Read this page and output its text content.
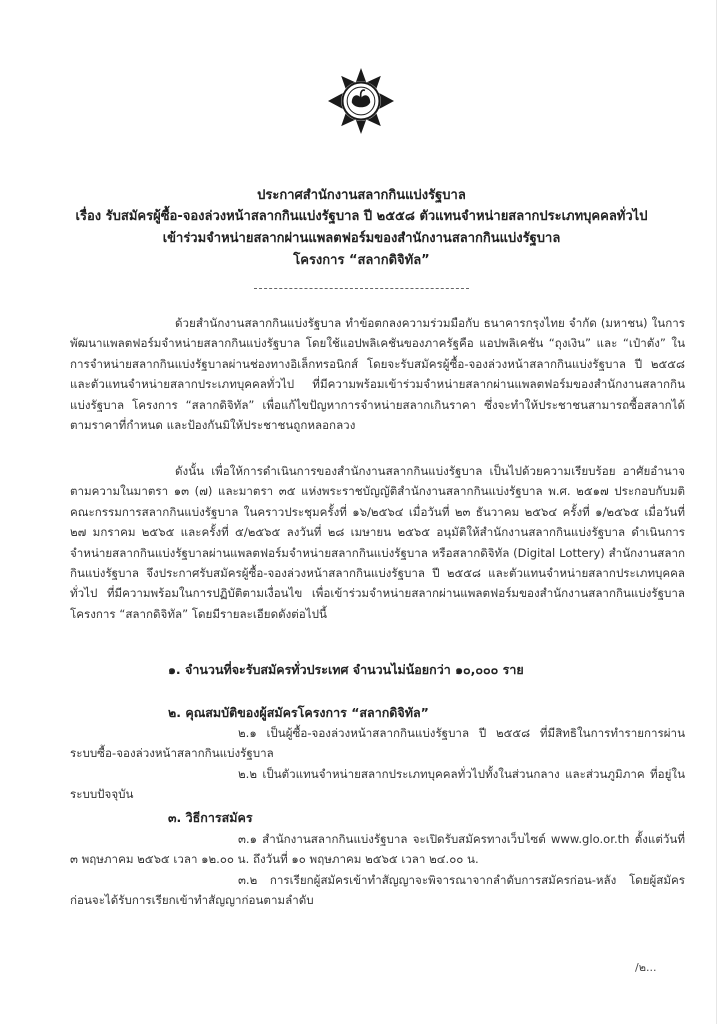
ประกาศสำนักงานสลากกินแบ่งรัฐบาล
เรื่อง รับสมัครผู้ซื้อ-จองล่วงหน้าสลากกินแบ่งรัฐบาล ปี ๒๕๕๘ ตัวแทนจำหน่ายสลากประเภทบุคคลทั่วไป
เข้าร่วมจำหน่ายสลากผ่านแพลตฟอร์มของสำนักงานสลากกินแบ่งรัฐบาล
โครงการ “สลากดิจิทัล”

ด้วยสำนักงานสลากกินแบ่งรัฐบาล ทำข้อตกลงความร่วมมือกับ ธนาคารกรุงไทย จำกัด (มหาชน) ในการพัฒนาแพลตฟอร์มจำหน่ายสลากกินแบ่งรัฐบาล โดยใช้แอปพลิเคชันของภาครัฐคือ แอปพลิเคชัน “ถุงเงิน” และ “เป๋าตัง” ในการจำหน่ายสลากกินแบ่งรัฐบาลผ่านช่องทางอิเล็กทรอนิกส์ โดยจะรับสมัครผู้ซื้อ-จองล่วงหน้าสลากกินแบ่งรัฐบาล ปี ๒๕๕๘ และตัวแทนจำหน่ายสลากประเภทบุคคลทั่วไป ที่มีความพร้อมเข้าร่วมจำหน่ายสลากผ่านแพลตฟอร์มของสำนักงานสลากกินแบ่งรัฐบาล โครงการ “สลากดิจิทัล” เพื่อแก้ไขปัญหาการจำหน่ายสลากเกินราคา ซึ่งจะทำให้ประชาชนสามารถซื้อสลากได้ตามราคาที่กำหนด และป้องกันมิให้ประชาชนถูกหลอกลวง

ดังนั้น เพื่อให้การดำเนินการของสำนักงานสลากกินแบ่งรัฐบาล เป็นไปด้วยความเรียบร้อย อาศัยอำนาจตามความในมาตรา ๑๓ (๗) และมาตรา ๓๕ แห่งพระราชบัญญัติสำนักงานสลากกินแบ่งรัฐบาล พ.ศ. ๒๕๑๗ ประกอบกับมติคณะกรรมการสลากกินแบ่งรัฐบาล ในคราวประชุมครั้งที่ ๑๖/๒๕๖๔ เมื่อวันที่ ๒๓ ธันวาคม ๒๕๖๔ ครั้งที่ ๑/๒๕๖๕ เมื่อวันที่ ๒๗ มกราคม ๒๕๖๕ และครั้งที่ ๕/๒๕๖๕ ลงวันที่ ๒๘ เมษายน ๒๕๖๕ อนุมัติให้สำนักงานสลากกินแบ่งรัฐบาล ดำเนินการจำหน่ายสลากกินแบ่งรัฐบาลผ่านแพลตฟอร์มจำหน่ายสลากกินแบ่งรัฐบาล หรือสลากดิจิทัล (Digital Lottery) สำนักงานสลากกินแบ่งรัฐบาล จึงประกาศรับสมัครผู้ซื้อ-จองล่วงหน้าสลากกินแบ่งรัฐบาล ปี ๒๕๕๘ และตัวแทนจำหน่ายสลากประเภทบุคคลทั่วไป ที่มีความพร้อมในการปฏิบัติตามเงื่อนไข เพื่อเข้าร่วมจำหน่ายสลากผ่านแพลตฟอร์มของสำนักงานสลากกินแบ่งรัฐบาล โครงการ “สลากดิจิทัล” โดยมีรายละเอียดดังต่อไปนี้

๑. จำนวนที่จะรับสมัครทั่วประเทศ จำนวนไม่น้อยกว่า ๑๐,๐๐๐ ราย
๒. คุณสมบัติของผู้สมัครโครงการ “สลากดิจิทัล”

๒.๑ เป็นผู้ซื้อ-จองล่วงหน้าสลากกินแบ่งรัฐบาล ปี ๒๕๕๘ ที่มีสิทธิในการทำรายการผ่านระบบซื้อ-จองล่วงหน้าสลากกินแบ่งรัฐบาล

๒.๒ เป็นตัวแทนจำหน่ายสลากประเภทบุคคลทั่วไปทั้งในส่วนกลาง และส่วนภูมิภาค ที่อยู่ในระบบปัจจุบัน

๓. วิธีการสมัคร

๓.๑ สำนักงานสลากกินแบ่งรัฐบาล จะเปิดรับสมัครทางเว็บไซต์ www.glo.or.th ตั้งแต่วันที่ ๓ พฤษภาคม ๒๕๖๕ เวลา ๑๒.๐๐ น. ถึงวันที่ ๑๐ พฤษภาคม ๒๕๖๕ เวลา ๒๔.๐๐ น.

๓.๒ การเรียกผู้สมัครเข้าทำสัญญาจะพิจารณาจากลำดับการสมัครก่อน-หลัง โดยผู้สมัครก่อนจะได้รับการเรียกเข้าทำสัญญาก่อนตามลำดับ

/๒...
